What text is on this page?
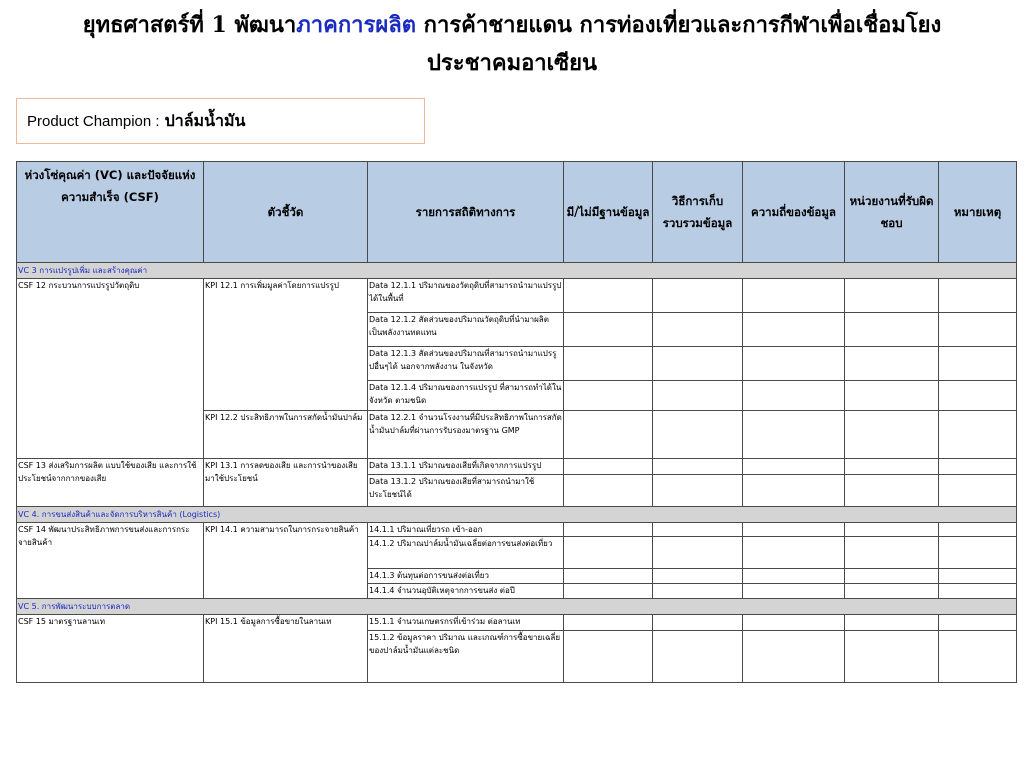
ยุทธศาสตร์ที่ 1 พัฒนาภาคการผลิต การค้าชายแดน การท่องเที่ยวและการกีฬาเพื่อเชื่อมโยง
ประชาคมอาเซียน
Product Champion : ปาล์มน้ำมัน
ห่วงโซ่คุณค่า (VC) และปัจจัยแห่งความสำเร็จ (CSF)	ตัวชี้วัด	รายการสถิติทางการ	มี/ไม่มีฐานข้อมูล	วิธีการเก็บรวบรวมข้อมูล	ความถี่ของข้อมูล	หน่วยงานที่รับผิดชอบ	หมายเหตุ
VC 3 การแปรรูปเพิ่ม และสร้างคุณค่า							
CSF 12 กระบวนการแปรรูปวัตถุดิบ	KPI 12.1 การเพิ่มมูลค่าโดยการแปรรูป	Data 12.1.1 ปริมาณของวัตถุดิบที่สามารถนำมาแปรรูปได้ในพื้นที่					
		Data 12.1.2 สัดส่วนของปริมาณวัตถุดิบที่นำมาผลิตเป็นพลังงานทดแทน					
		Data 12.1.3 สัดส่วนของปริมาณที่สามารถนำมาแปรรูปอื่นๆได้ นอกจากพลังงาน ในจังหวัด					
		Data 12.1.4 ปริมาณของการแปรรูป ที่สามารถทำได้ในจังหวัด ตามชนิด					
	KPI 12.2 ประสิทธิภาพในการสกัดน้ำมันปาล์ม	Data 12.2.1 จำนวนโรงงานที่มีประสิทธิภาพในการสกัดน้ำมันปาล์มที่ผ่านการรับรองมาตรฐาน GMP					
CSF 13 ส่งเสริมการผลิต แบบใช้ของเสีย และการใช้ประโยชน์จากกากของเสีย	KPI 13.1 การลดของเสีย และการนำของเสียมาใช้ประโยชน์	Data 13.1.1 ปริมาณของเสียที่เกิดจากการแปรรูป					
		Data 13.1.2 ปริมาณของเสียที่สามารถนำมาใช้ประโยชน์ได้					
VC 4. การขนส่งสินค้าและจัดการบริหารสินค้า (Logistics)							
CSF 14 พัฒนาประสิทธิภาพการขนส่งและการกระจายสินค้า	KPI 14.1 ความสามารถในการกระจายสินค้า	14.1.1 ปริมาณเที่ยวรถ เข้า-ออก					
		14.1.2 ปริมาณปาล์มน้ำมันเฉลี่ยต่อการขนส่งต่อเที่ยว					
		14.1.3 ต้นทุนต่อการขนส่งต่อเที่ยว					
		14.1.4 จำนวนอุบัติเหตุจากการขนส่ง ต่อปี					
VC 5. การพัฒนาระบบการตลาด							
CSF 15 มาตรฐานลานเท	KPI 15.1 ข้อมูลการซื้อขายในลานเท	15.1.1 จำนวนเกษตรกรที่เข้าร่วม ต่อลานเท					
		15.1.2 ข้อมูลราคา ปริมาณ และเกณฑ์การซื้อขายเฉลี่ยของปาล์มน้ำมันแต่ละชนิด					
